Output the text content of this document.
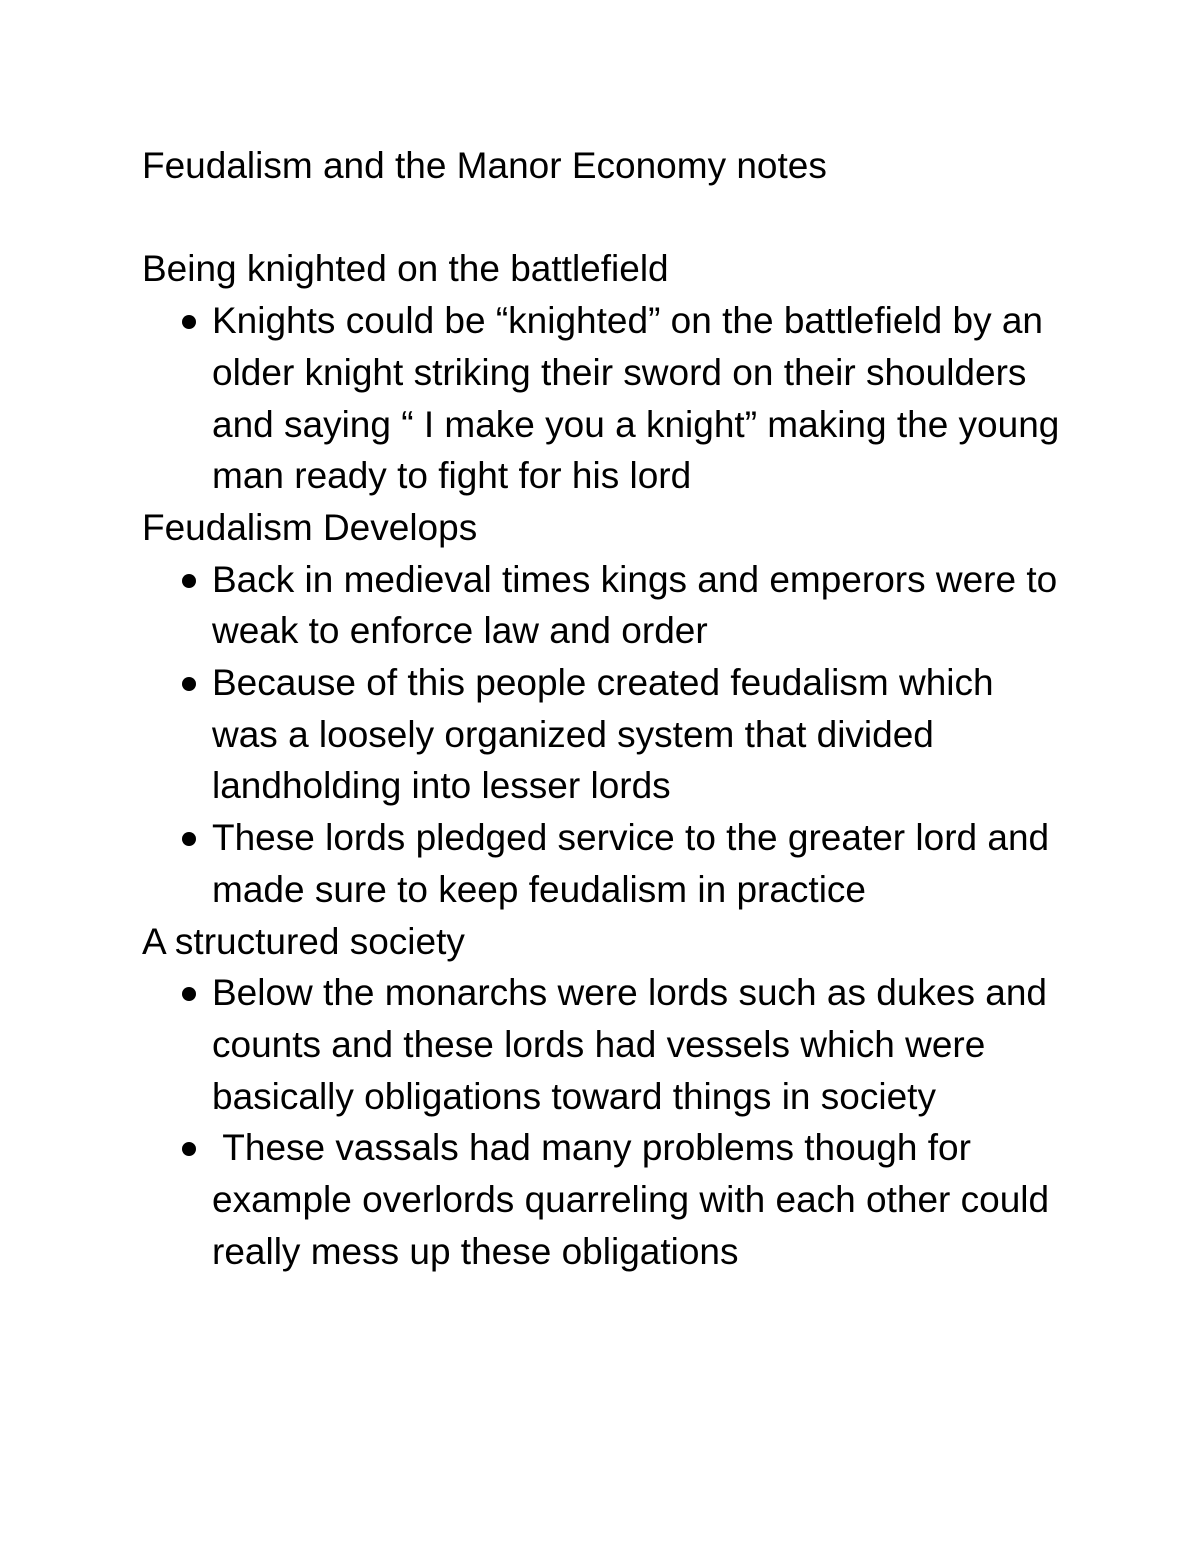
Feudalism and the Manor Economy notes

Being knighted on the battlefield

Knights could be “knighted” on the battlefield by an older knight striking their sword on their shoulders and saying “ I make you a knight” making the young man ready to fight for his lord

Feudalism Develops

Back in medieval times kings and emperors were to weak to enforce law and order
Because of this people created feudalism which was a loosely organized system that divided landholding into lesser lords
These lords pledged service to the greater lord and made sure to keep feudalism in practice

A structured society

Below the monarchs were lords such as dukes and counts and these lords had vessels which were basically obligations toward things in society
These vassals had many problems though for example overlords quarreling with each other could really mess up these obligations
